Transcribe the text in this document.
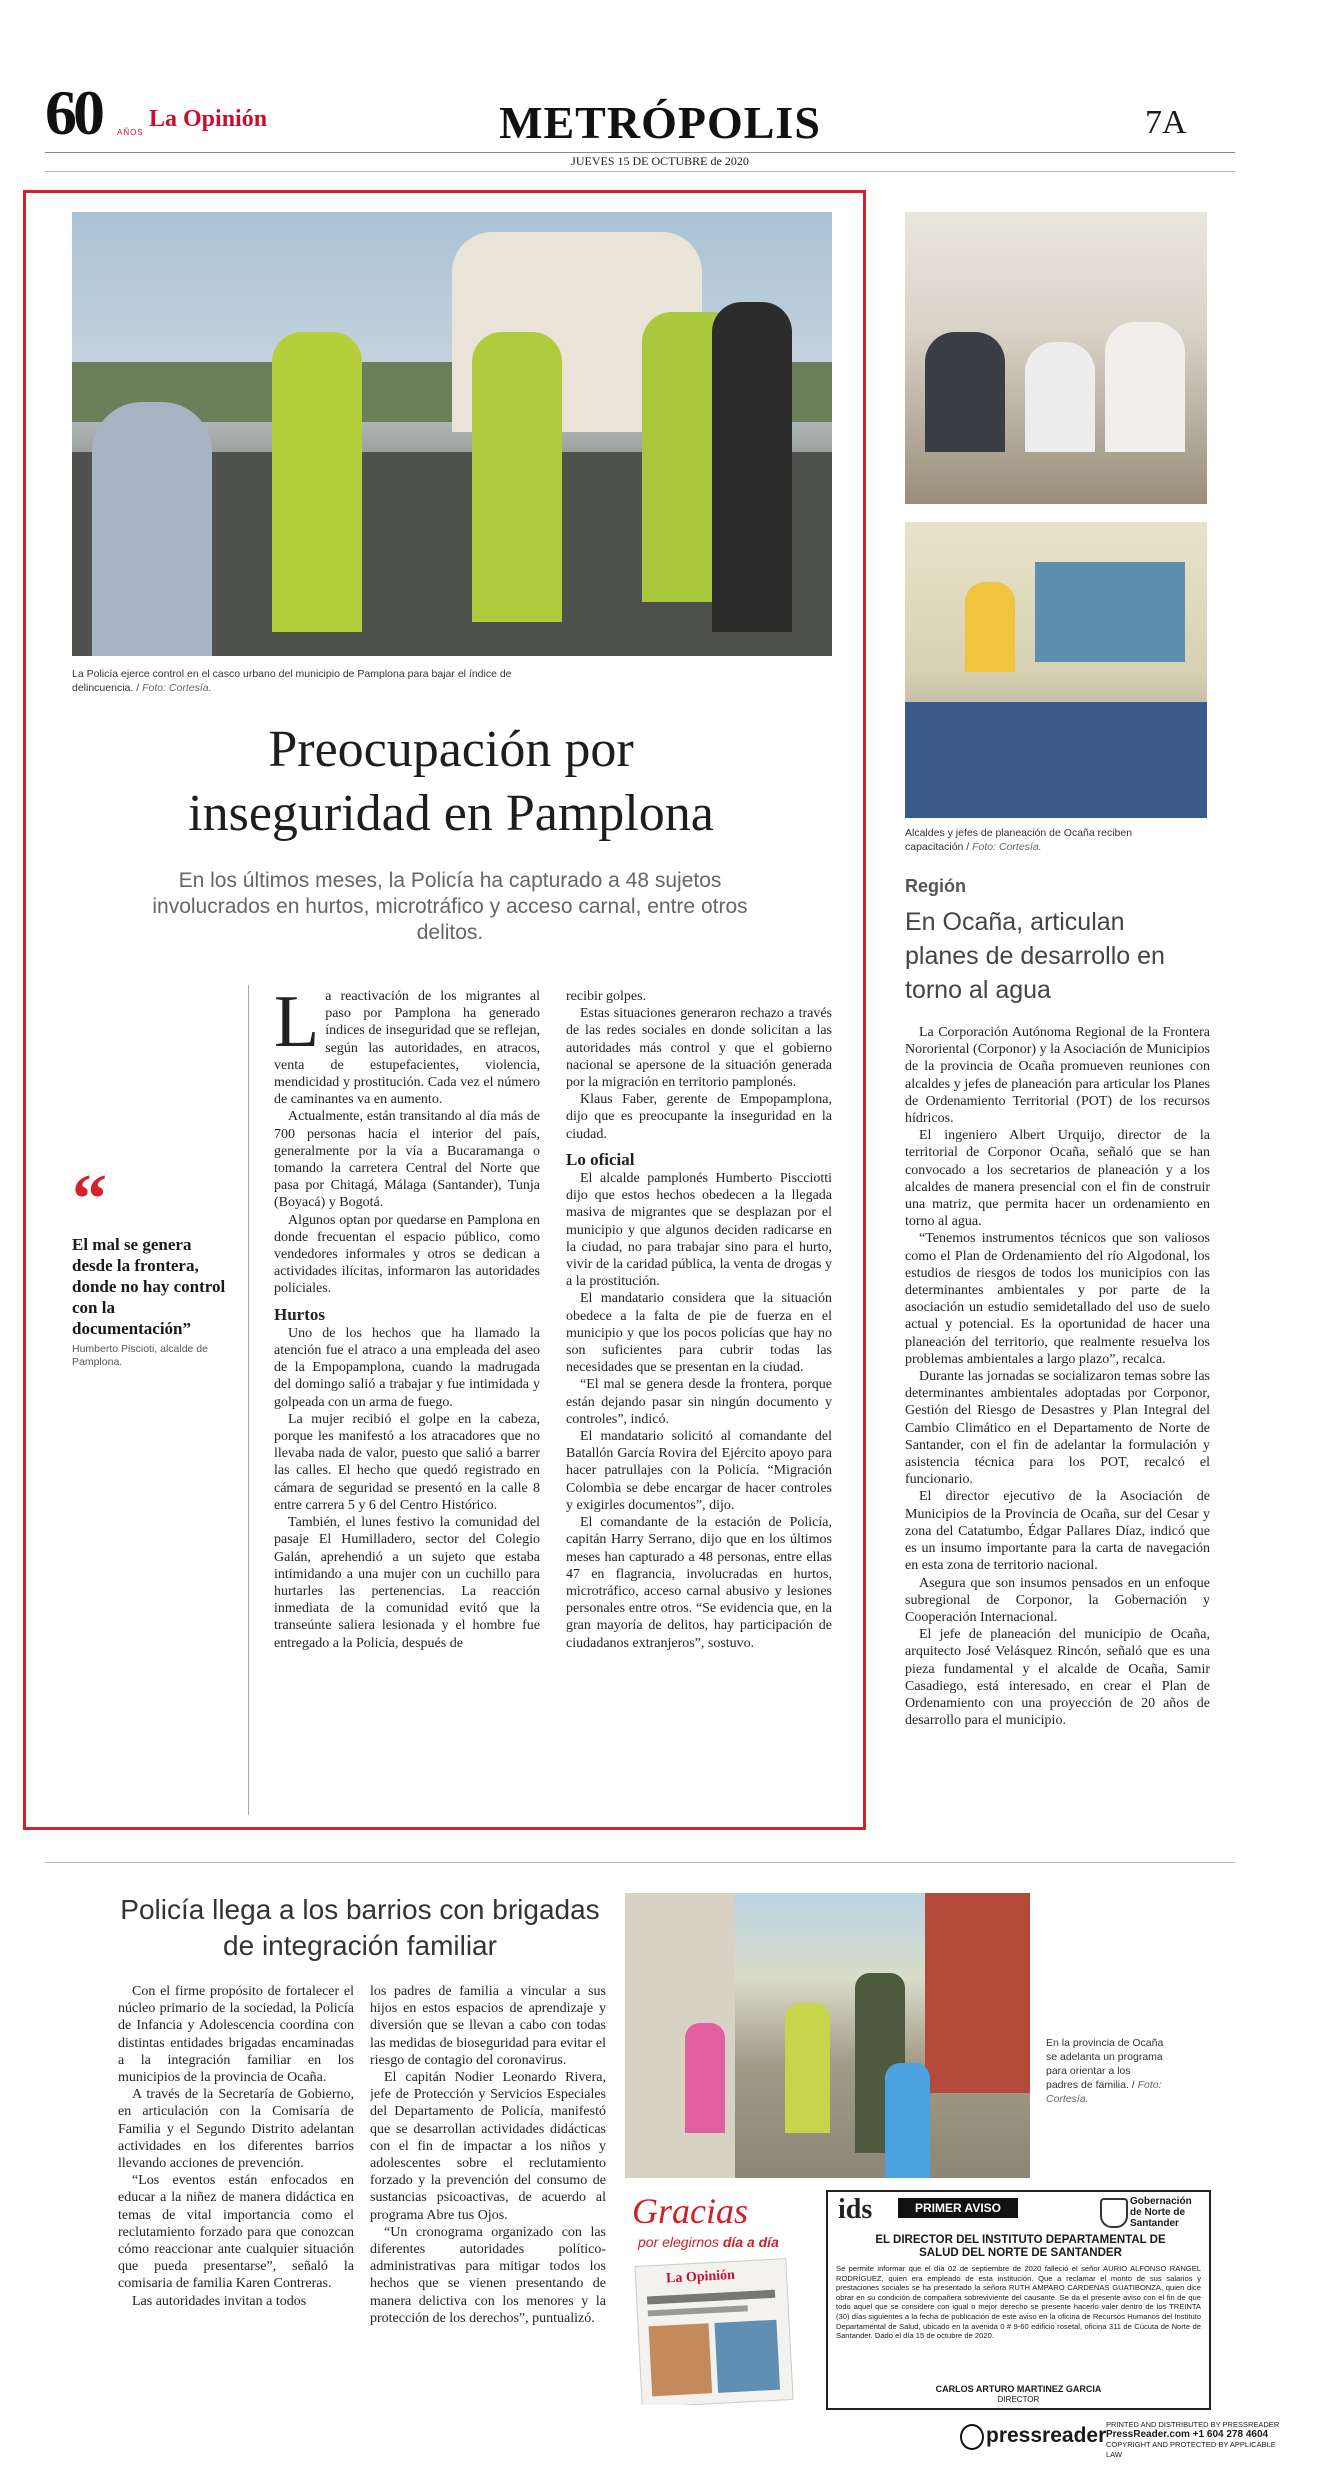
60 AÑOS
La Opinión	METRÓPOLIS
JUEVES 15 DE OCTUBRE de 2020
7A
La Policía ejerce control en el casco urbano del municipio de Pamplona para bajar el índice de delincuencia. / Foto: Cortesía.
Preocupación por
inseguridad en Pamplona
En los últimos meses, la Policía ha capturado a 48 sujetos involucrados en hurtos, microtráfico y acceso carnal, entre otros delitos.
“
El mal se genera desde la frontera, donde no hay control con la documentación”
Humberto Piscioti, alcalde de Pamplona.
L a reactivación de los migrantes al paso por Pamplona ha generado índices de inseguridad que se reflejan, según las autoridades, en atracos, venta de estupefacientes, violencia, mendicidad y prostitución. Cada vez el número de caminantes va en aumento.

Actualmente, están transitando al día más de 700 personas hacia el interior del país, generalmente por la vía a Bucaramanga o tomando la carretera Central del Norte que pasa por Chitagá, Málaga (Santander), Tunja (Boyacá) y Bogotá.

Algunos optan por quedarse en Pamplona en donde frecuentan el espacio público, como vendedores informales y otros se dedican a actividades ilícitas, informaron las autoridades policiales.

Hurtos

Uno de los hechos que ha llamado la atención fue el atraco a una empleada del aseo de la Empopamplona, cuando la madrugada del domingo salió a trabajar y fue intimidada y golpeada con un arma de fuego.

La mujer recibió el golpe en la cabeza, porque les manifestó a los atracadores que no llevaba nada de valor, puesto que salió a barrer las calles. El hecho que quedó registrado en cámara de seguridad se presentó en la calle 8 entre carrera 5 y 6 del Centro Histórico.

También, el lunes festivo la comunidad del pasaje El Humilladero, sector del Colegio Galán, aprehendió a un sujeto que estaba intimidando a una mujer con un cuchillo para hurtarles las pertenencias. La reacción inmediata de la comunidad evitó que la transeúnte saliera lesionada y el hombre fue entregado a la Policía, después de

recibir golpes.

Estas situaciones generaron rechazo a través de las redes sociales en donde solicitan a las autoridades más control y que el gobierno nacional se apersone de la situación generada por la migración en territorio pamplonés.

Klaus Faber, gerente de Empopamplona, dijo que es preocupante la inseguridad en la ciudad.

Lo oficial

El alcalde pamplonés Humberto Piscciotti dijo que estos hechos obedecen a la llegada masiva de migrantes que se desplazan por el municipio y que algunos deciden radicarse en la ciudad, no para trabajar sino para el hurto, vivir de la caridad pública, la venta de drogas y a la prostitución.

El mandatario considera que la situación obedece a la falta de pie de fuerza en el municipio y que los pocos policías que hay no son suficientes para cubrir todas las necesidades que se presentan en la ciudad.

“El mal se genera desde la frontera, porque están dejando pasar sin ningún documento y controles”, indicó.

El mandatario solicitó al comandante del Batallón García Rovira del Ejército apoyo para hacer patrullajes con la Policía. “Migración Colombia se debe encargar de hacer controles y exigirles documentos”, dijo.

El comandante de la estación de Policía, capitán Harry Serrano, dijo que en los últimos meses han capturado a 48 personas, entre ellas 47 en flagrancia, involucradas en hurtos, microtráfico, acceso carnal abusivo y lesiones personales entre otros. “Se evidencia que, en la gran mayoría de delitos, hay participación de ciudadanos extranjeros”, sostuvo.

Alcaldes y jefes de planeación de Ocaña reciben capacitación / Foto: Cortesía.
Región
En Ocaña, articulan planes de desarrollo en torno al agua

La Corporación Autónoma Regional de la Frontera Nororiental (Corponor) y la Asociación de Municipios de la provincia de Ocaña promueven reuniones con alcaldes y jefes de planeación para articular los Planes de Ordenamiento Territorial (POT) de los recursos hídricos.

El ingeniero Albert Urquijo, director de la territorial de Corponor Ocaña, señaló que se han convocado a los secretarios de planeación y a los alcaldes de manera presencial con el fin de construir una matriz, que permita hacer un ordenamiento en torno al agua.

“Tenemos instrumentos técnicos que son valiosos como el Plan de Ordenamiento del río Algodonal, los estudios de riesgos de todos los municipios con las determinantes ambientales y por parte de la asociación un estudio semidetallado del uso de suelo actual y potencial. Es la oportunidad de hacer una planeación del territorio, que realmente resuelva los problemas ambientales a largo plazo”, recalca.

Durante las jornadas se socializaron temas sobre las determinantes ambientales adoptadas por Corponor, Gestión del Riesgo de Desastres y Plan Integral del Cambio Climático en el Departamento de Norte de Santander, con el fin de adelantar la formulación y asistencia técnica para los POT, recalcó el funcionario.

El director ejecutivo de la Asociación de Municipios de la Provincia de Ocaña, sur del Cesar y zona del Catatumbo, Édgar Pallares Díaz, indicó que es un insumo importante para la carta de navegación en esta zona de territorio nacional.

Asegura que son insumos pensados en un enfoque subregional de Corponor, la Gobernación y Cooperación Internacional.

El jefe de planeación del municipio de Ocaña, arquitecto José Velásquez Rincón, señaló que es una pieza fundamental y el alcalde de Ocaña, Samir Casadiego, está interesado, en crear el Plan de Ordenamiento con una proyección de 20 años de desarrollo para el municipio.

Policía llega a los barrios con brigadas de integración familiar

Con el firme propósito de fortalecer el núcleo primario de la sociedad, la Policía de Infancia y Adolescencia coordina con distintas entidades brigadas encaminadas a la integración familiar en los municipios de la provincia de Ocaña.

A través de la Secretaría de Gobierno, en articulación con la Comisaría de Familia y el Segundo Distrito adelantan actividades en los diferentes barrios llevando acciones de prevención.

“Los eventos están enfocados en educar a la niñez de manera didáctica en temas de vital importancia como el reclutamiento forzado para que conozcan cómo reaccionar ante cualquier situación que pueda presentarse”, señaló la comisaria de familia Karen Contreras.

Las autoridades invitan a todos

los padres de familia a vincular a sus hijos en estos espacios de aprendizaje y diversión que se llevan a cabo con todas las medidas de bioseguridad para evitar el riesgo de contagio del coronavirus.

El capitán Nodier Leonardo Rivera, jefe de Protección y Servicios Especiales del Departamento de Policía, manifestó que se desarrollan actividades didácticas con el fin de impactar a los niños y adolescentes sobre el reclutamiento forzado y la prevención del consumo de sustancias psicoactivas, de acuerdo al programa Abre tus Ojos.

“Un cronograma organizado con las diferentes autoridades político-administrativas para mitigar todos los hechos que se vienen presentando de manera delictiva con los menores y la protección de los derechos”, puntualizó.

En la provincia de Ocaña se adelanta un programa para orientar a los padres de familia. / Foto: Cortesía.
Gracias
por elegirnos día a día
La Opinión
ids	PRIMER AVISO	Gobernación
de Norte de
Santander
EL DIRECTOR DEL INSTITUTO DEPARTAMENTAL DE SALUD DEL NORTE DE SANTANDER
Se permite informar que el día 02 de septiembre de 2020 falleció el señor AURIO ALFONSO RANGEL RODRÍGUEZ, quien era empleado de esta institución. Que a reclamar el monto de sus salarios y prestaciones sociales se ha presentado la señora RUTH AMPARO CARDENAS GUATIBONZA, quien dice obrar en su condición de compañera sobreviviente del causante. Se da el presente aviso con el fin de que todo aquel que se considere con igual o mejor derecho se presente hacerlo valer dentro de los TREINTA (30) días siguientes a la fecha de publicación de este aviso en la oficina de Recursos Humanos del Instituto Departamental de Salud, ubicado en la avenida 0 # 9-60 edificio rosetal, oficina 311 de Cúcuta de Norte de Santander. Dado el día 15 de octubre de 2020.
CARLOS ARTURO MARTINEZ GARCIA
DIRECTOR
pressreader PRINTED AND DISTRIBUTED BY PRESSREADER
PressReader.com +1 604 278 4604
COPYRIGHT AND PROTECTED BY APPLICABLE LAW
